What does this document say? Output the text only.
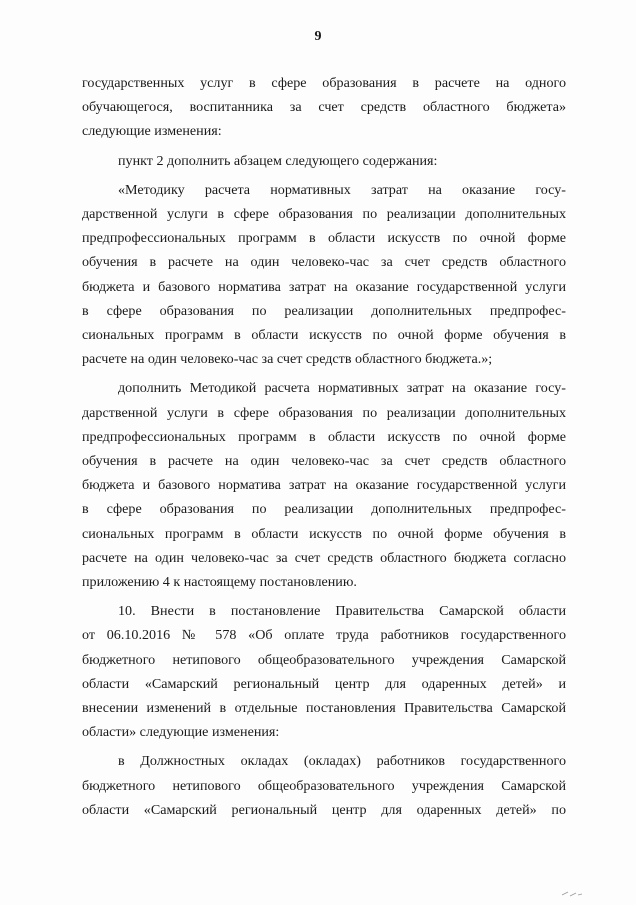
9
государственных услуг в сфере образования в расчете на одного
обучающегося, воспитанника за счет средств областного бюджета»
следующие изменения:
пункт 2 дополнить абзацем следующего содержания:
«Методику расчета нормативных затрат на оказание госу-
дарственной услуги в сфере образования по реализации дополнительных
предпрофессиональных программ в области искусств по очной форме
обучения в расчете на один человеко-час за счет средств областного
бюджета и базового норматива затрат на оказание государственной услуги
в сфере образования по реализации дополнительных предпрофес-
сиональных программ в области искусств по очной форме обучения в
расчете на один человеко-час за счет средств областного бюджета.»;
дополнить Методикой расчета нормативных затрат на оказание госу-
дарственной услуги в сфере образования по реализации дополнительных
предпрофессиональных программ в области искусств по очной форме
обучения в расчете на один человеко-час за счет средств областного
бюджета и базового норматива затрат на оказание государственной услуги
в сфере образования по реализации дополнительных предпрофес-
сиональных программ в области искусств по очной форме обучения в
расчете на один человеко-час за счет средств областного бюджета согласно
приложению 4 к настоящему постановлению.
10. Внести в постановление Правительства Самарской области
от 06.10.2016 № 578 «Об оплате труда работников государственного
бюджетного нетипового общеобразовательного учреждения Самарской
области «Самарский региональный центр для одаренных детей» и
внесении изменений в отдельные постановления Правительства Самарской
области» следующие изменения:
в Должностных окладах (окладах) работников государственного
бюджетного нетипового общеобразовательного учреждения Самарской
области «Самарский региональный центр для одаренных детей» по
